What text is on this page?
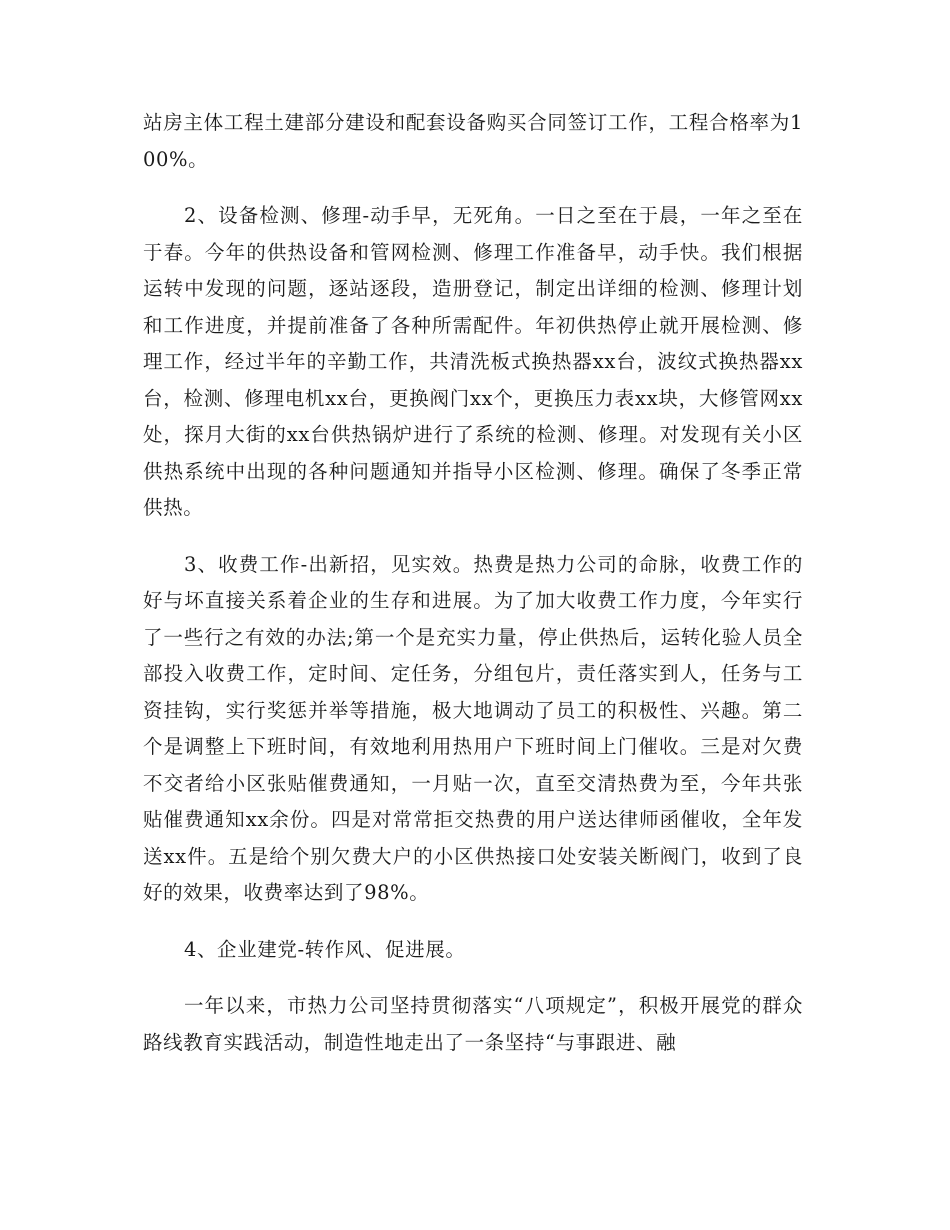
站房主体工程土建部分建设和配套设备购买合同签订工作，工程合格率为100%。

2、设备检测、修理-动手早，无死角。一日之至在于晨，一年之至在于春。今年的供热设备和管网检测、修理工作准备早，动手快。我们根据运转中发现的问题，逐站逐段，造册登记，制定出详细的检测、修理计划和工作进度，并提前准备了各种所需配件。年初供热停止就开展检测、修理工作，经过半年的辛勤工作，共清洗板式换热器xx台，波纹式换热器xx台，检测、修理电机xx台，更换阀门xx个，更换压力表xx块，大修管网xx处，探月大街的xx台供热锅炉进行了系统的检测、修理。对发现有关小区供热系统中出现的各种问题通知并指导小区检测、修理。确保了冬季正常供热。

3、收费工作-出新招，见实效。热费是热力公司的命脉，收费工作的好与坏直接关系着企业的生存和进展。为了加大收费工作力度，今年实行了一些行之有效的办法;第一个是充实力量，停止供热后，运转化验人员全部投入收费工作，定时间、定任务，分组包片，责任落实到人，任务与工资挂钩，实行奖惩并举等措施，极大地调动了员工的积极性、兴趣。第二个是调整上下班时间，有效地利用热用户下班时间上门催收。三是对欠费不交者给小区张贴催费通知，一月贴一次，直至交清热费为至，今年共张贴催费通知xx余份。四是对常常拒交热费的用户送达律师函催收，全年发送xx件。五是给个别欠费大户的小区供热接口处安装关断阀门，收到了良好的效果，收费率达到了98%。

4、企业建党-转作风、促进展。

一年以来，市热力公司坚持贯彻落实“八项规定”，积极开展党的群众路线教育实践活动，制造性地走出了一条坚持“与事跟进、融
